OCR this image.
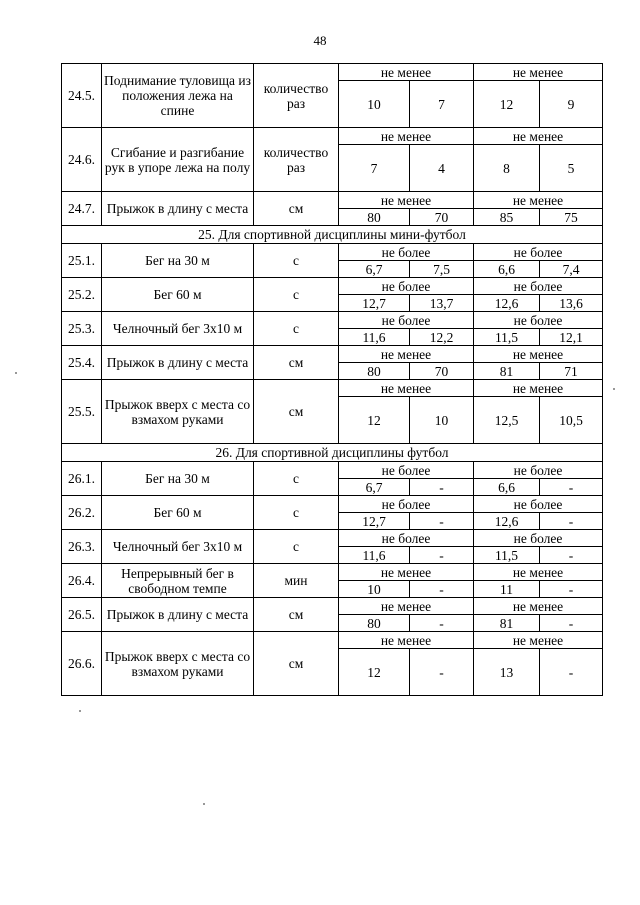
48
24.5.	Поднимание туловища из положения лежа на спине	количество раз	не менее		не менее	
			10	7	12	9
24.6.	Сгибание и разгибание рук в упоре лежа на полу	количество раз	не менее		не менее	
			7	4	8	5
24.7.	Прыжок в длину с места	см	не менее		не менее	
			80	70	85	75
25. Для спортивной дисциплины мини-футбол						
25.1.	Бег на 30 м	с	не более		не более	
			6,7	7,5	6,6	7,4
25.2.	Бег 60 м	с	не более		не более	
			12,7	13,7	12,6	13,6
25.3.	Челночный бег 3х10 м	с	не более		не более	
			11,6	12,2	11,5	12,1
25.4.	Прыжок в длину с места	см	не менее		не менее	
			80	70	81	71
25.5.	Прыжок вверх с места со взмахом руками	см	не менее		не менее	
			12	10	12,5	10,5
26. Для спортивной дисциплины футбол						
26.1.	Бег на 30 м	с	не более		не более	
			6,7	-	6,6	-
26.2.	Бег 60 м	с	не более		не более	
			12,7	-	12,6	-
26.3.	Челночный бег 3х10 м	с	не более		не более	
			11,6	-	11,5	-
26.4.	Непрерывный бег в свободном темпе	мин	не менее		не менее	
			10	-	11	-
26.5.	Прыжок в длину с места	см	не менее		не менее	
			80	-	81	-
26.6.	Прыжок вверх с места со взмахом руками	см	не менее		не менее	
			12	-	13	-
